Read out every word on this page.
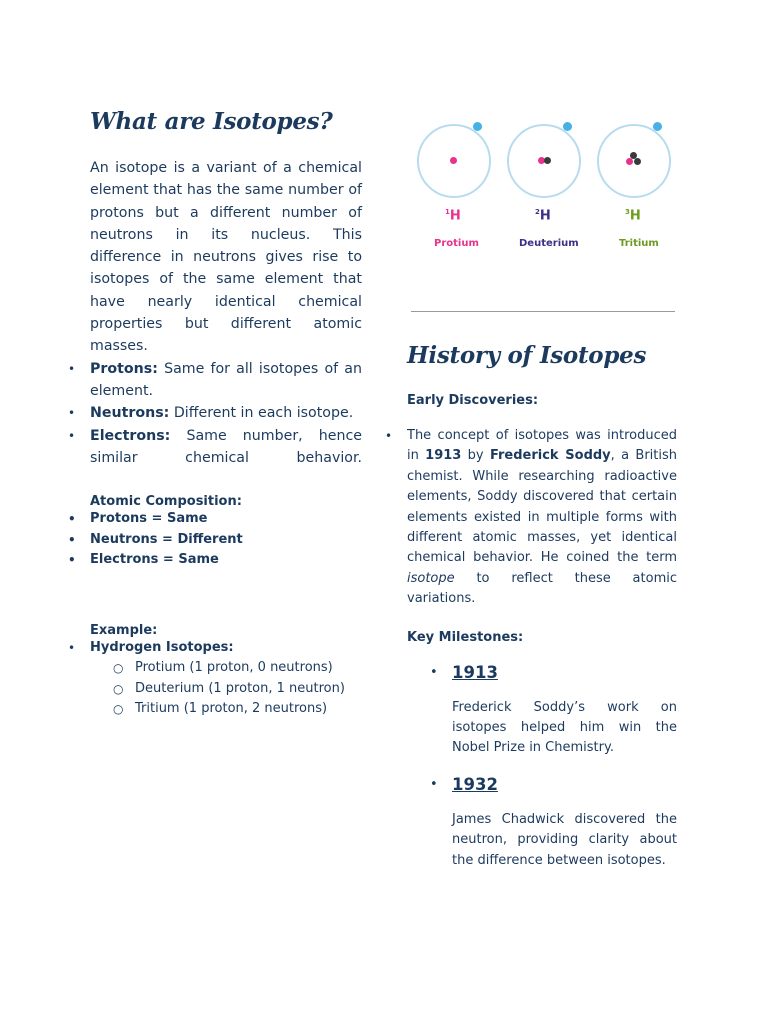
What are Isotopes?

An isotope is a variant of a chemical element that has the same number of protons but a different number of neutrons in its nucleus. This difference in neutrons gives rise to isotopes of the same element that have nearly identical chemical properties but different atomic masses.

• Protons: Same for all isotopes of an element.
• Neutrons: Different in each isotope.
• Electrons: Same number, hence similar chemical behavior.

Atomic Composition:

• Protons = Same
• Neutrons = Different
• Electrons = Same

Example:

• Hydrogen Isotopes:
○ Protium (1 proton, 0 neutrons)
○ Deuterium (1 proton, 1 neutron)
○ Tritium (1 proton, 2 neutrons)
$^1$H	$^2$H	$^3$H
Protium	Deuterium	Tritium
History of Isotopes

Early Discoveries:

• The concept of isotopes was introduced in 1913 by Frederick Soddy, a British chemist. While researching radioactive elements, Soddy discovered that certain elements existed in multiple forms with different atomic masses, yet identical chemical behavior. He coined the term isotope to reflect these atomic variations.

Key Milestones:

• 1913

Frederick Soddy’s work on isotopes helped him win the Nobel Prize in Chemistry.

• 1932

James Chadwick discovered the neutron, providing clarity about the difference between isotopes.
